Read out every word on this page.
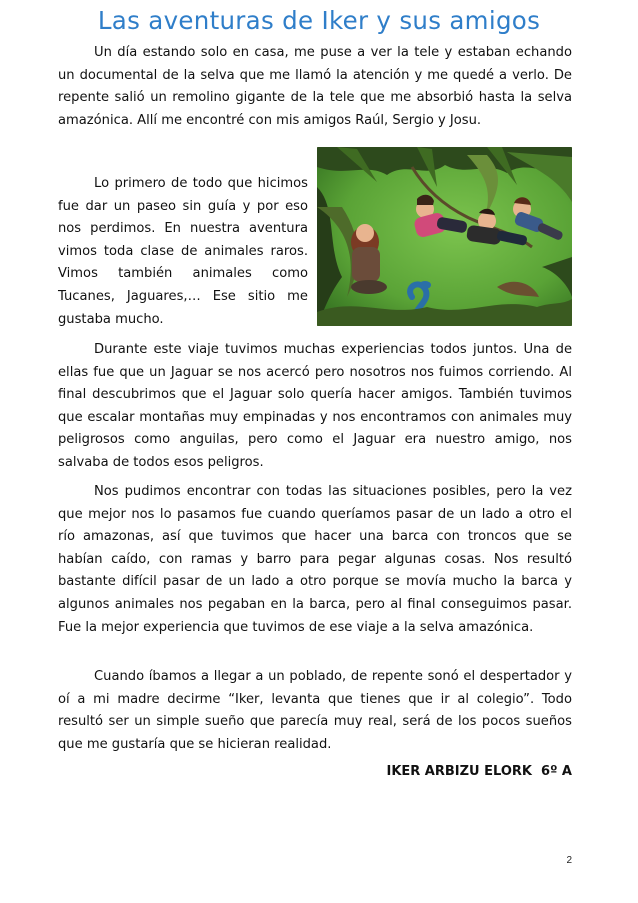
Las aventuras de Iker y sus amigos

Un día estando solo en casa, me puse a ver la tele y estaban echando un documental de la selva que me llamó la atención y me quedé a verlo. De repente salió un remolino gigante de la tele que me absorbió hasta la selva amazónica. Allí me encontré con mis amigos Raúl, Sergio y Josu.

Lo primero de todo que hicimos fue dar un paseo sin guía y por eso nos perdimos. En nuestra aventura vimos toda clase de animales raros. Vimos también animales como Tucanes, Jaguares,… Ese sitio me gustaba mucho.

Durante este viaje tuvimos muchas experiencias todos juntos. Una de ellas fue que un Jaguar se nos acercó pero nosotros nos fuimos corriendo. Al final descubrimos que el Jaguar solo quería hacer amigos. También tuvimos que escalar montañas muy empinadas y nos encontramos con animales muy peligrosos como anguilas, pero como el Jaguar era nuestro amigo, nos salvaba de todos esos peligros.

Nos pudimos encontrar con todas las situaciones posibles, pero la vez que mejor nos lo pasamos fue cuando queríamos pasar de un lado a otro el río amazonas, así que tuvimos que hacer una barca con troncos que se habían caído, con ramas y barro para pegar algunas cosas. Nos resultó bastante difícil pasar de un lado a otro porque se movía mucho la barca y algunos animales nos pegaban en la barca, pero al final conseguimos pasar. Fue la mejor experiencia que tuvimos de ese viaje a la selva amazónica.

Cuando íbamos a llegar a un poblado, de repente sonó el despertador y oí a mi madre decirme “Iker, levanta que tienes que ir al colegio”. Todo resultó ser un simple sueño que parecía muy real, será de los pocos sueños que me gustaría que se hicieran realidad.

IKER ARBIZU ELORK  6º A
2
